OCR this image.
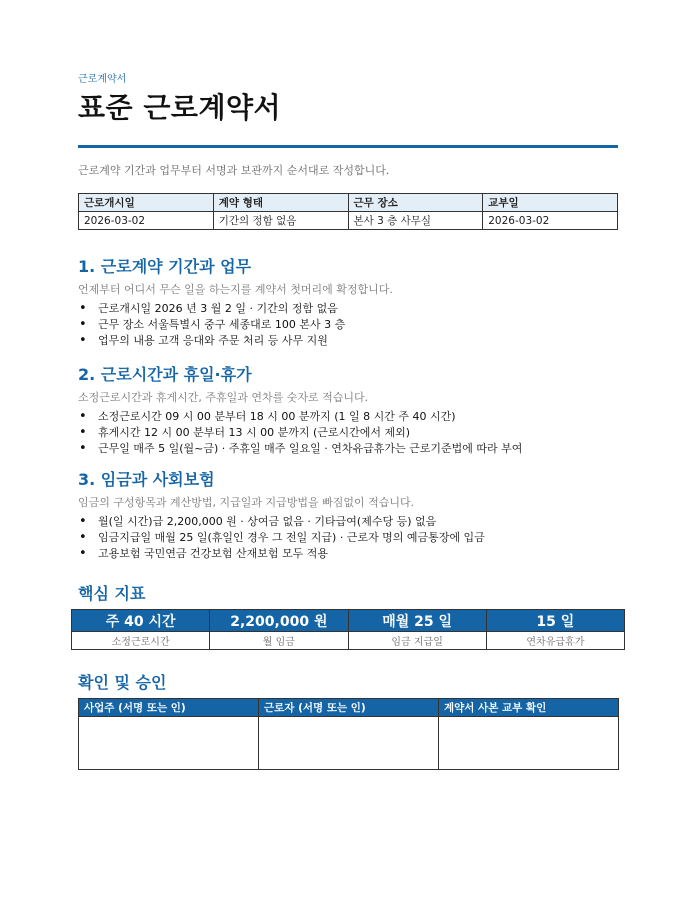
근로계약서
표준 근로계약서
근로계약 기간과 업무부터 서명과 보관까지 순서대로 작성합니다.
근로개시일	계약 형태	근무 장소	교부일
2026-03-02	기간의 정함 없음	본사 3 층 사무실	2026-03-02
1. 근로계약 기간과 업무
언제부터 어디서 무슨 일을 하는지를 계약서 첫머리에 확정합니다.
• 근로개시일 2026 년 3 월 2 일 · 기간의 정함 없음
• 근무 장소 서울특별시 중구 세종대로 100 본사 3 층
• 업무의 내용 고객 응대와 주문 처리 등 사무 지원
2. 근로시간과 휴일·휴가
소정근로시간과 휴게시간, 주휴일과 연차를 숫자로 적습니다.
• 소정근로시간 09 시 00 분부터 18 시 00 분까지 (1 일 8 시간 주 40 시간)
• 휴게시간 12 시 00 분부터 13 시 00 분까지 (근로시간에서 제외)
• 근무일 매주 5 일(월~금) · 주휴일 매주 일요일 · 연차유급휴가는 근로기준법에 따라 부여
3. 임금과 사회보험
임금의 구성항목과 계산방법, 지급일과 지급방법을 빠짐없이 적습니다.
• 월(일 시간)급 2,200,000 원 · 상여금 없음 · 기타급여(제수당 등) 없음
• 임금지급일 매월 25 일(휴일인 경우 그 전일 지급) · 근로자 명의 예금통장에 입금
• 고용보험 국민연금 건강보험 산재보험 모두 적용
핵심 지표
주 40 시간	2,200,000 원	매월 25 일	15 일
소정근로시간	월 임금	임금 지급일	연차유급휴가
확인 및 승인
사업주 (서명 또는 인)	근로자 (서명 또는 인)	계약서 사본 교부 확인
